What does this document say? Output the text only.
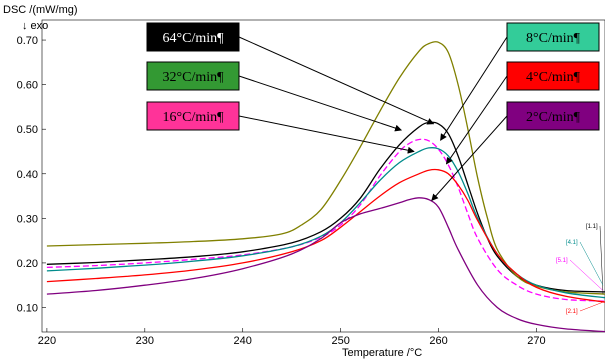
DSC /(mW/mg)
↓ exo
Temperature /°C
220	230	240	250	260	270
0.10
0.20
0.30
0.40
0.50
0.60
0.70	64°C/min¶
32°C/min¶
16°C/min¶
8°C/min¶
4°C/min¶
2°C/min¶
[1.1]
[4.1]
[5.1]
[2.1]
